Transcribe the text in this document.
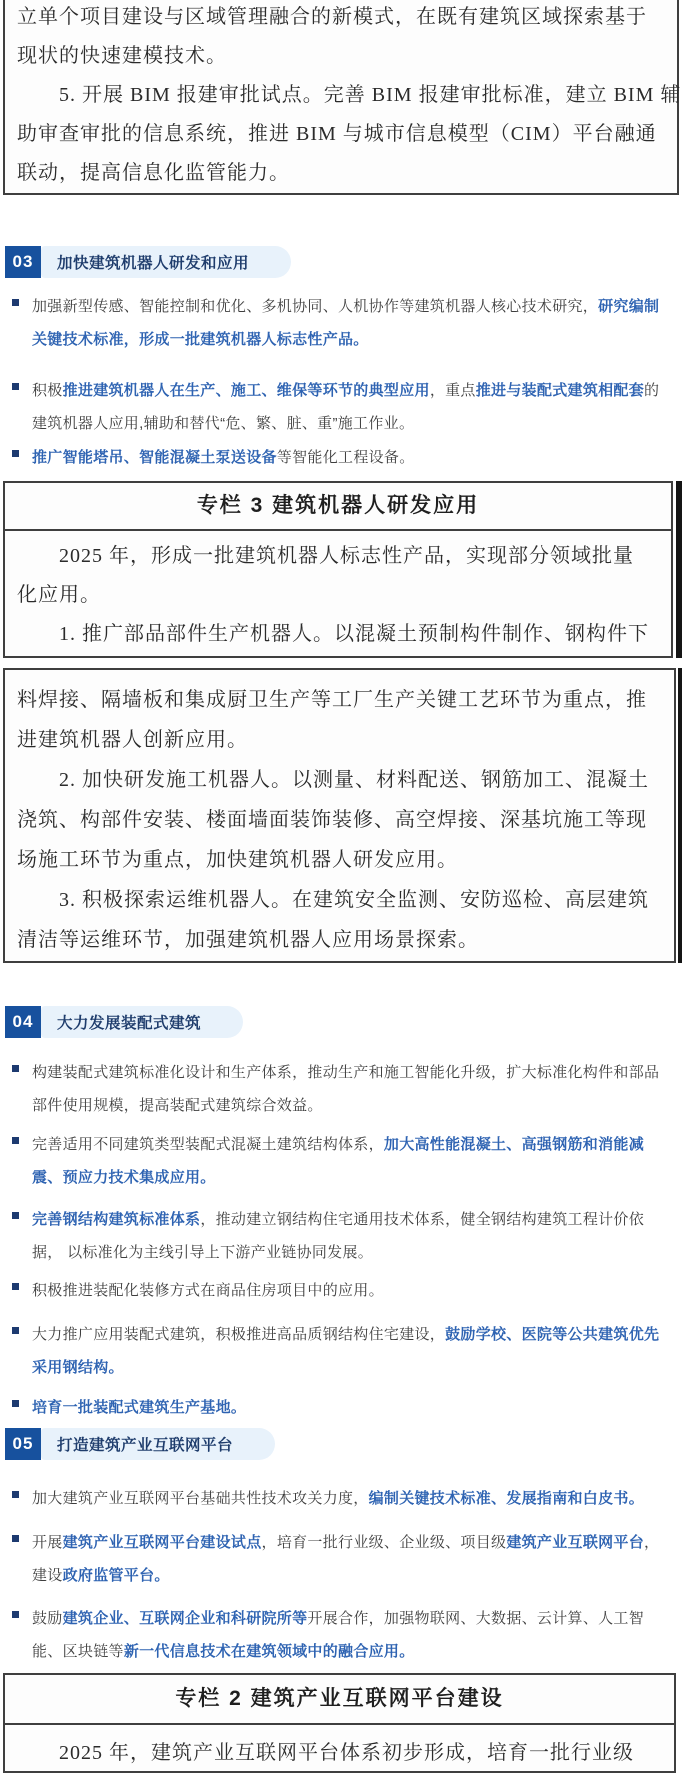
立单个项目建设与区域管理融合的新模式，在既有建筑区域探索基于
现状的快速建模技术。
　　5. 开展 BIM 报建审批试点。完善 BIM 报建审批标准，建立 BIM 辅
助审查审批的信息系统，推进 BIM 与城市信息模型（CIM）平台融通
联动，提高信息化监管能力。
03	加快建筑机器人研发和应用
加强新型传感、智能控制和优化、多机协同、人机协作等建筑机器人核心技术研究，研究编制关键技术标准，形成一批建筑机器人标志性产品。
积极推进建筑机器人在生产、施工、维保等环节的典型应用，重点推进与装配式建筑相配套的建筑机器人应用,辅助和替代“危、繁、脏、重”施工作业。
推广智能塔吊、智能混凝土泵送设备等智能化工程设备。
专栏 3 建筑机器人研发应用
　　2025 年，形成一批建筑机器人标志性产品，实现部分领域批量
化应用。
　　1. 推广部品部件生产机器人。以混凝土预制构件制作、钢构件下
料焊接、隔墙板和集成厨卫生产等工厂生产关键工艺环节为重点，推
进建筑机器人创新应用。
　　2. 加快研发施工机器人。以测量、材料配送、钢筋加工、混凝土
浇筑、构部件安装、楼面墙面装饰装修、高空焊接、深基坑施工等现
场施工环节为重点，加快建筑机器人研发应用。
　　3. 积极探索运维机器人。在建筑安全监测、安防巡检、高层建筑
清洁等运维环节，加强建筑机器人应用场景探索。
04	大力发展装配式建筑
构建装配式建筑标准化设计和生产体系，推动生产和施工智能化升级，扩大标准化构件和部品部件使用规模，提高装配式建筑综合效益。
完善适用不同建筑类型装配式混凝土建筑结构体系，加大高性能混凝土、高强钢筋和消能减震、预应力技术集成应用。
完善钢结构建筑标准体系，推动建立钢结构住宅通用技术体系，健全钢结构建筑工程计价依据， 以标准化为主线引导上下游产业链协同发展。
积极推进装配化装修方式在商品住房项目中的应用。
大力推广应用装配式建筑，积极推进高品质钢结构住宅建设，鼓励学校、医院等公共建筑优先采用钢结构。
培育一批装配式建筑生产基地。
05	打造建筑产业互联网平台
加大建筑产业互联网平台基础共性技术攻关力度，编制关键技术标准、发展指南和白皮书。
开展建筑产业互联网平台建设试点，培育一批行业级、企业级、项目级建筑产业互联网平台，建设政府监管平台。
鼓励建筑企业、互联网企业和科研院所等开展合作，加强物联网、大数据、云计算、人工智能、区块链等新一代信息技术在建筑领域中的融合应用。
专栏 2 建筑产业互联网平台建设
　　2025 年，建筑产业互联网平台体系初步形成，培育一批行业级
